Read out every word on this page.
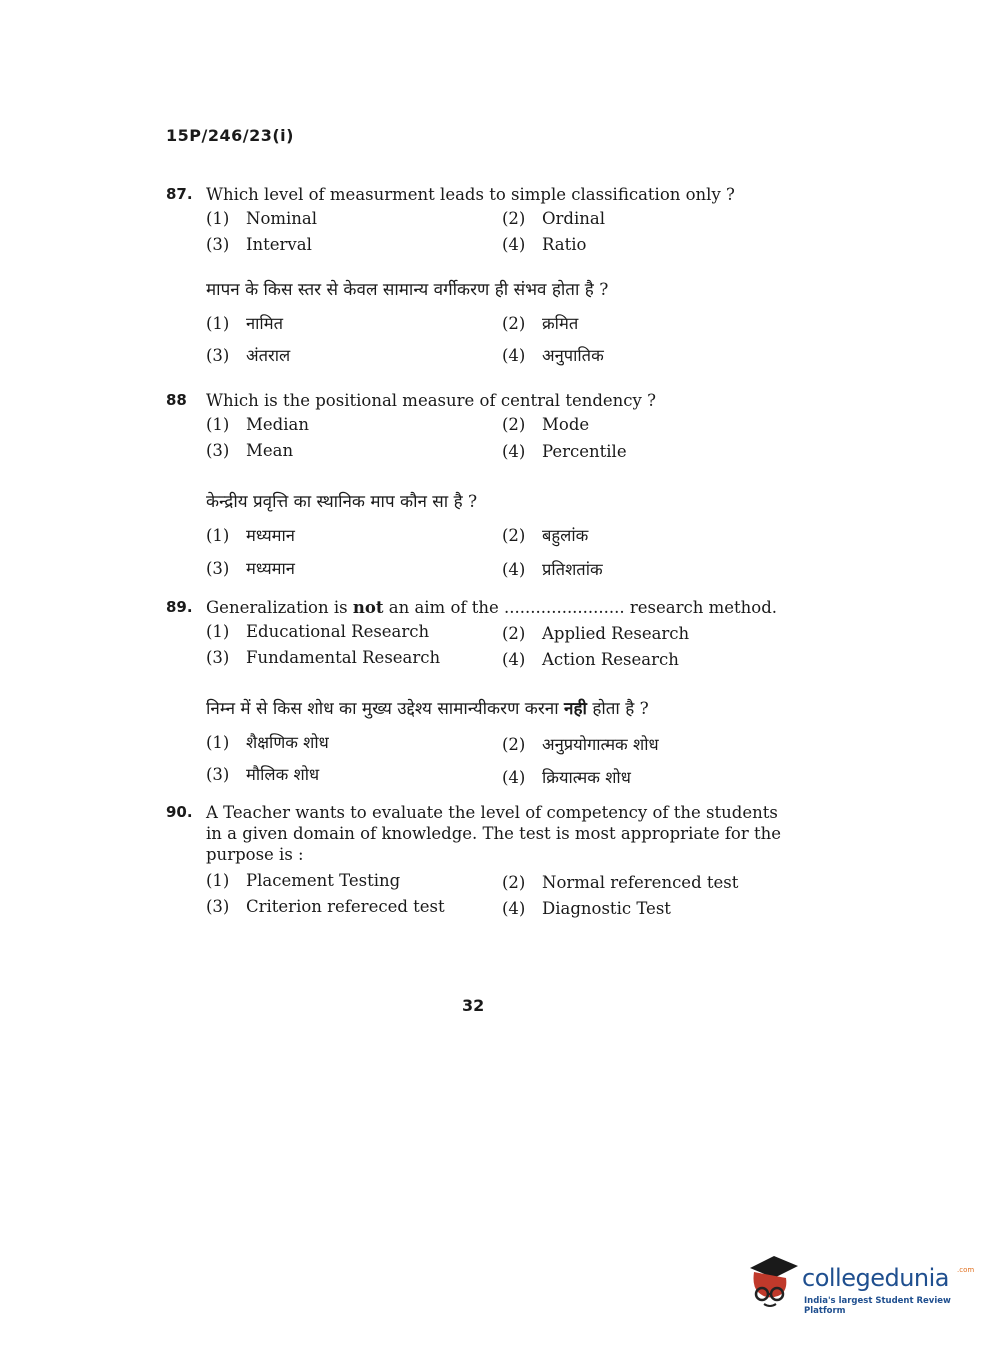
15P/246/23(i)
87. Which level of measurment leads to simple classification only ?
(1) Nominal	(2) Ordinal
(3) Interval	(4) Ratio
मापन के किस स्तर से केवल सामान्य वर्गीकरण ही संभव होता है ?
(1) नामित	(2) क्रमित
(3) अंतराल	(4) अनुपातिक
88 Which is the positional measure of central tendency ?
(1) Median	(2) Mode
(3) Mean	(4) Percentile
केन्द्रीय प्रवृत्ति का स्थानिक माप कौन सा है ?
(1) मध्यमान	(2) बहुलांक
(3) मध्यमान	(4) प्रतिशतांक
89. Generalization is not an aim of the ....................... research method.
(1) Educational Research	(2) Applied Research
(3) Fundamental Research	(4) Action Research
निम्न में से किस शोध का मुख्य उद्देश्य सामान्यीकरण करना नही होता है ?
(1) शैक्षणिक शोध	(2) अनुप्रयोगात्मक शोध
(3) मौलिक शोध	(4) क्रियात्मक शोध
90. A Teacher wants to evaluate the level of competency of the students
in a given domain of knowledge. The test is most appropriate for the
purpose is :
(1) Placement Testing	(2) Normal referenced test
(3) Criterion refereced test	(4) Diagnostic Test
32
collegedunia .com
India's largest Student Review Platform
